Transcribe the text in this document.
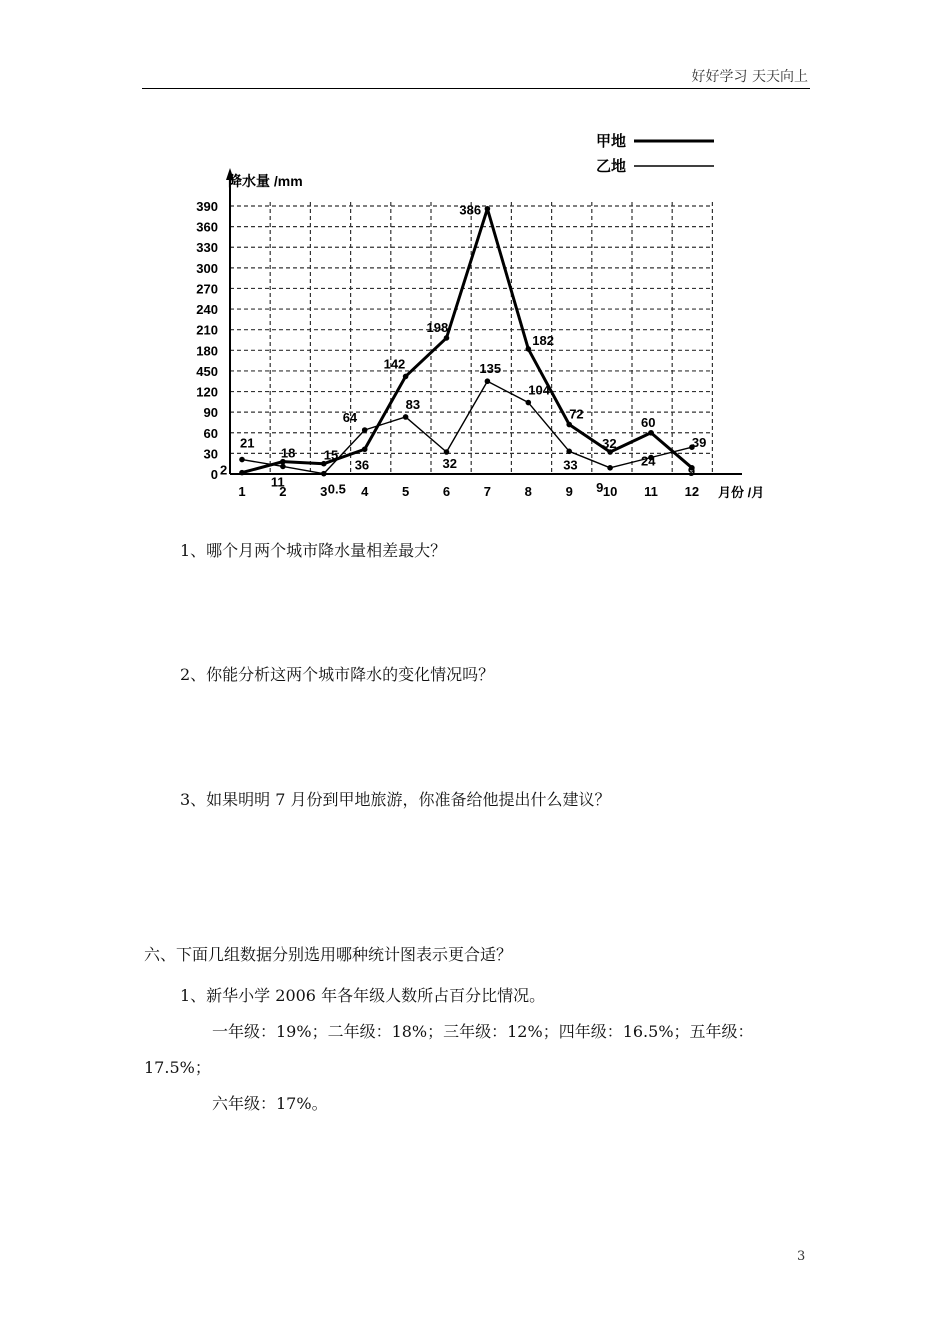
好好学习 天天向上
降水量 /mm
月份 /月
0
30
60
90
120
450
180
210
240
270
300
330
360
390
1	2	3	4	5	6	7	8	9 10 11 12
2
18 15
36
142
198
386
182
72
32
60
9
21
11	0.5
64
83
32
135
104
33
9
24
39
甲地
乙地
1、哪个月两个城市降水量相差最大？
2、你能分析这两个城市降水的变化情况吗？
3、如果明明 7 月份到甲地旅游，你准备给他提出什么建议？
六、下面几组数据分别选用哪种统计图表示更合适？
1、新华小学 2006 年各年级人数所占百分比情况。
一年级：19%；二年级：18%；三年级：12%；四年级：16.5%；五年级：
17.5%；
六年级：17%。
3
